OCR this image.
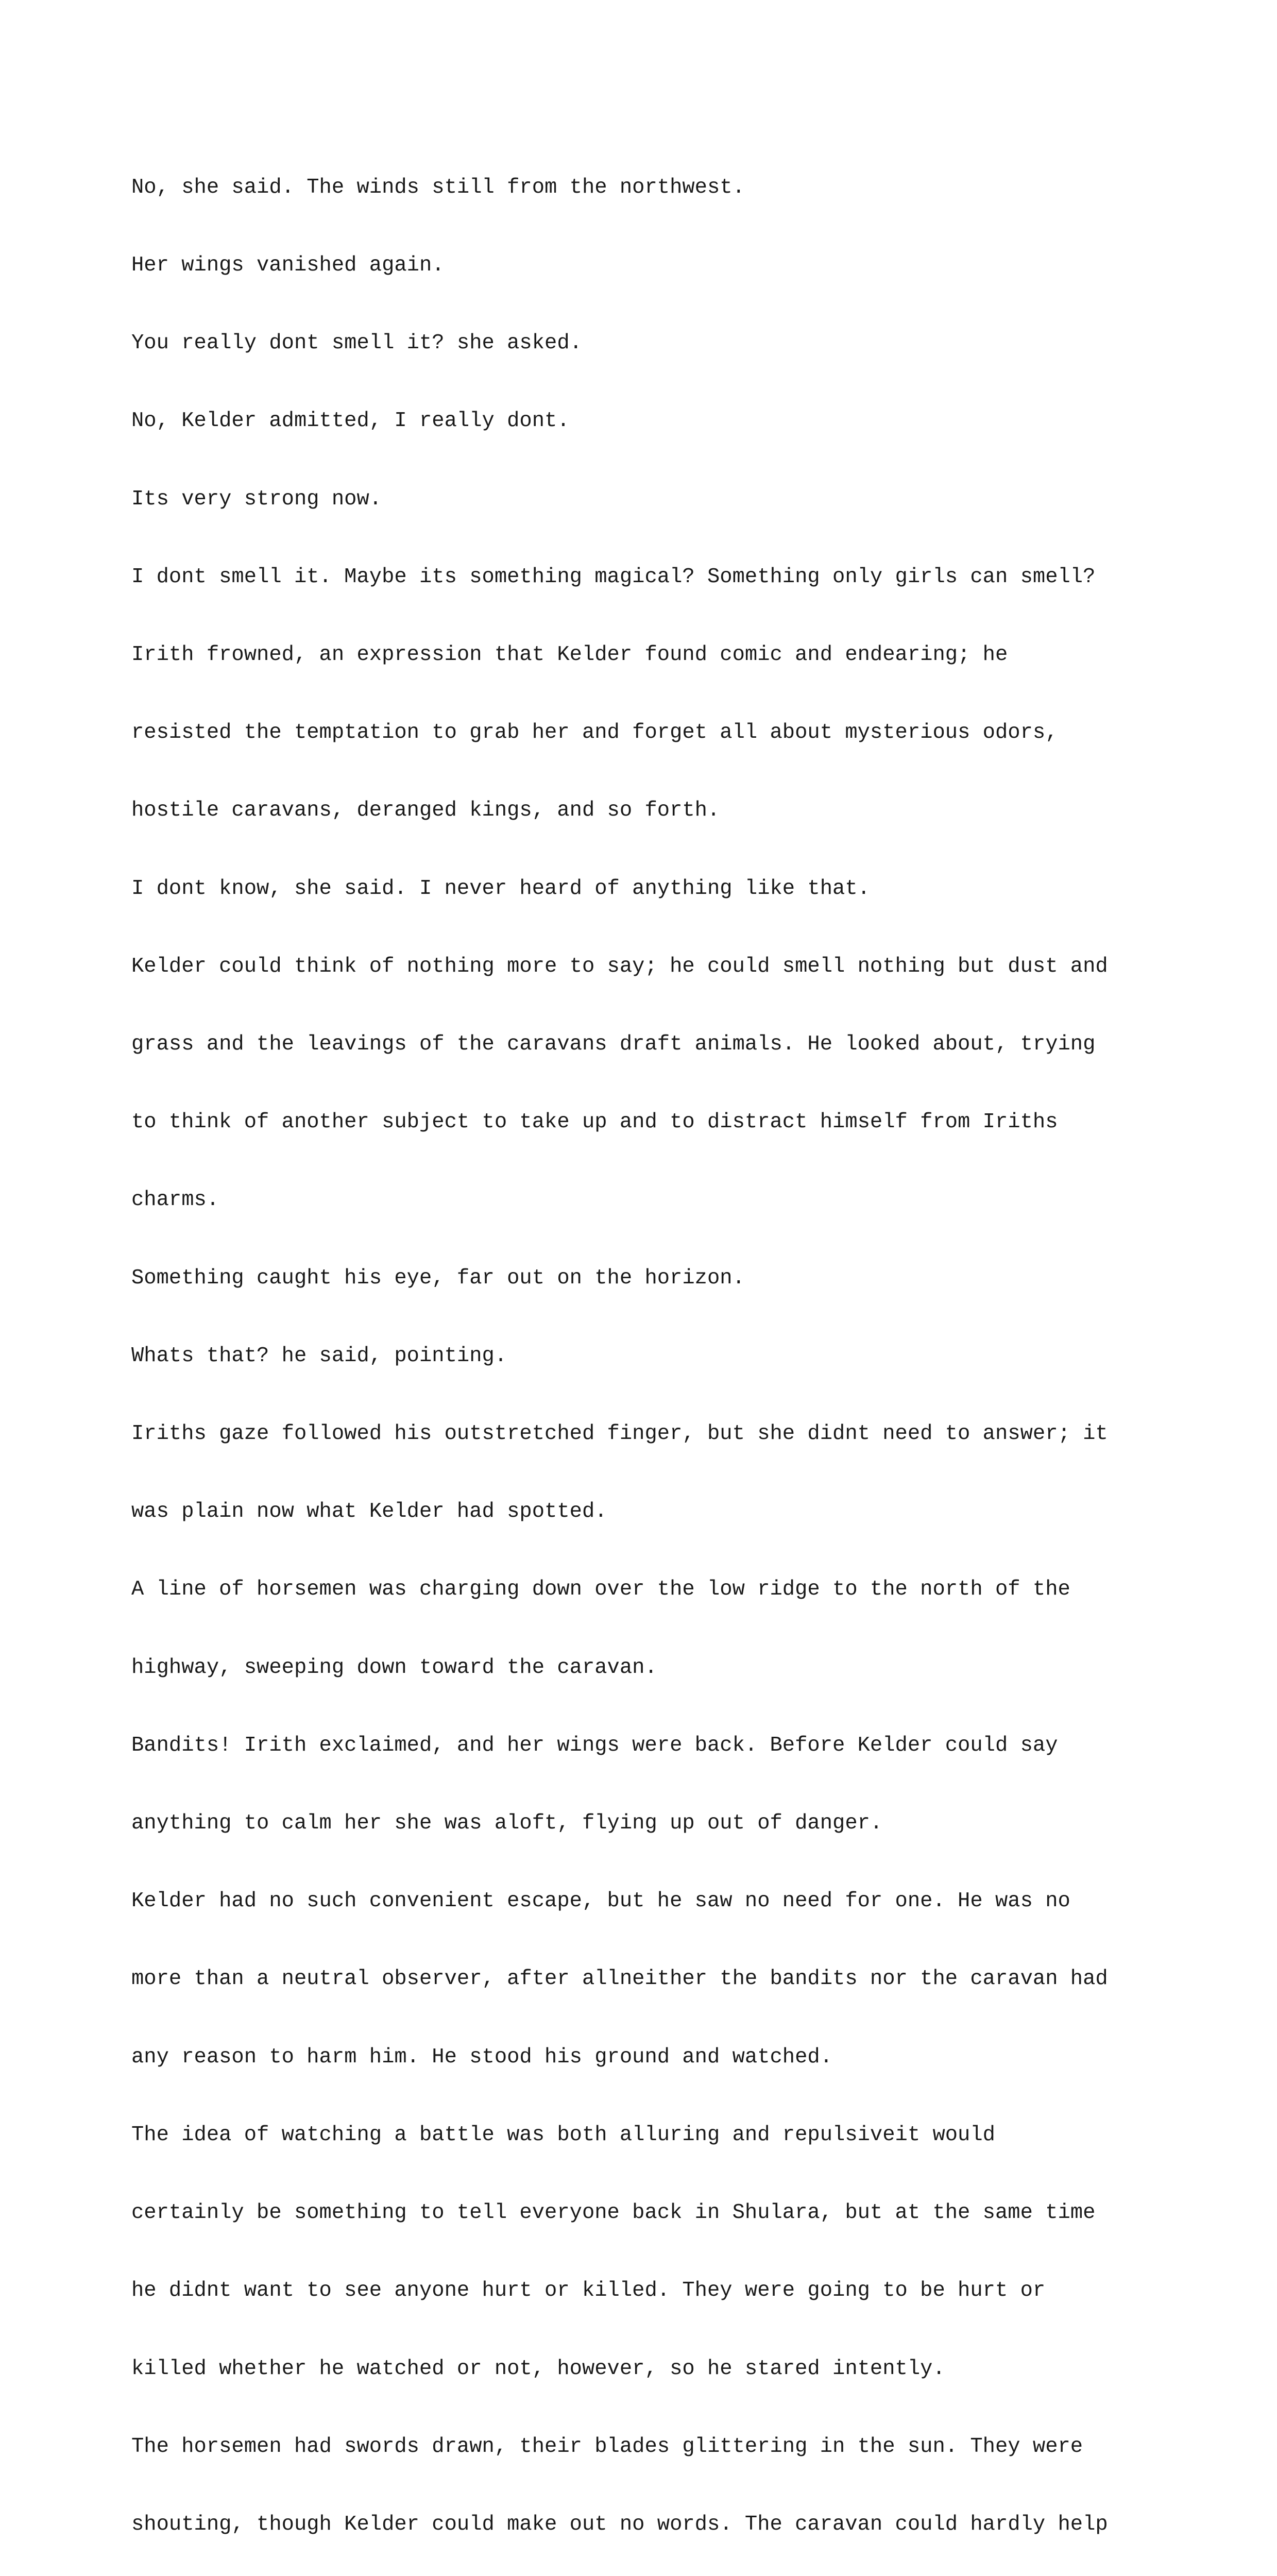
No, she said. The winds still from the northwest.

Her wings vanished again.

You really dont smell it? she asked.

No, Kelder admitted, I really dont.

Its very strong now.

I dont smell it. Maybe its something magical? Something only girls can smell?

Irith frowned, an expression that Kelder found comic and endearing; he

resisted the temptation to grab her and forget all about mysterious odors,

hostile caravans, deranged kings, and so forth.

I dont know, she said. I never heard of anything like that.

Kelder could think of nothing more to say; he could smell nothing but dust and

grass and the leavings of the caravans draft animals. He looked about, trying

to think of another subject to take up and to distract himself from Iriths

charms.

Something caught his eye, far out on the horizon.

Whats that? he said, pointing.

Iriths gaze followed his outstretched finger, but she didnt need to answer; it

was plain now what Kelder had spotted.

A line of horsemen was charging down over the low ridge to the north of the

highway, sweeping down toward the caravan.

Bandits! Irith exclaimed, and her wings were back. Before Kelder could say

anything to calm her she was aloft, flying up out of danger.

Kelder had no such convenient escape, but he saw no need for one. He was no

more than a neutral observer, after allneither the bandits nor the caravan had

any reason to harm him. He stood his ground and watched.

The idea of watching a battle was both alluring and repulsiveit would

certainly be something to tell everyone back in Shulara, but at the same time

he didnt want to see anyone hurt or killed. They were going to be hurt or

killed whether he watched or not, however, so he stared intently.

The horsemen had swords drawn, their blades glittering in the sun. They were

shouting, though Kelder could make out no words. The caravan could hardly help
